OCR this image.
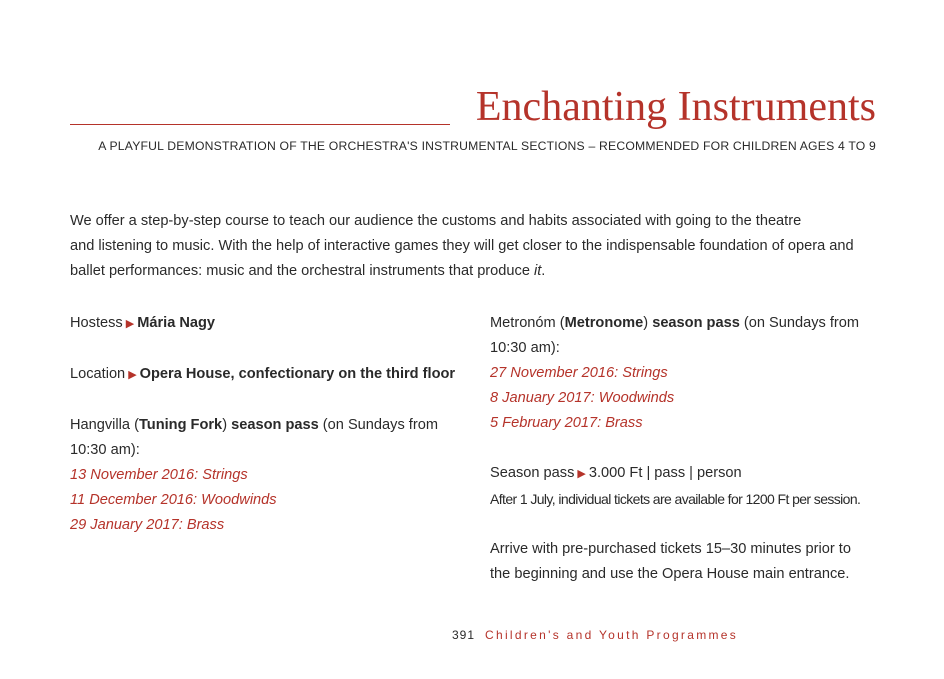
Enchanting Instruments
A PLAYFUL DEMONSTRATION OF THE ORCHESTRA'S INSTRUMENTAL SECTIONS – RECOMMENDED FOR CHILDREN AGES 4 TO 9
We offer a step-by-step course to teach our audience the customs and habits associated with going to the theatre
and listening to music. With the help of interactive games they will get closer to the indispensable foundation of opera and
ballet performances: music and the orchestral instruments that produce it.
Hostess ▶ Mária Nagy
Location ▶ Opera House, confectionary on the third floor
Hangvilla (Tuning Fork) season pass (on Sundays from
10:30 am):
13 November 2016: Strings
11 December 2016: Woodwinds
29 January 2017: Brass
Metronóm (Metronome) season pass (on Sundays from
10:30 am):
27 November 2016: Strings
8 January 2017: Woodwinds
5 February 2017: Brass
Season pass ▶ 3.000 Ft | pass | person
After 1 July, individual tickets are available for 1200 Ft per session.
Arrive with pre-purchased tickets 15–30 minutes prior to
the beginning and use the Opera House main entrance.
391 Children's and Youth Programmes
